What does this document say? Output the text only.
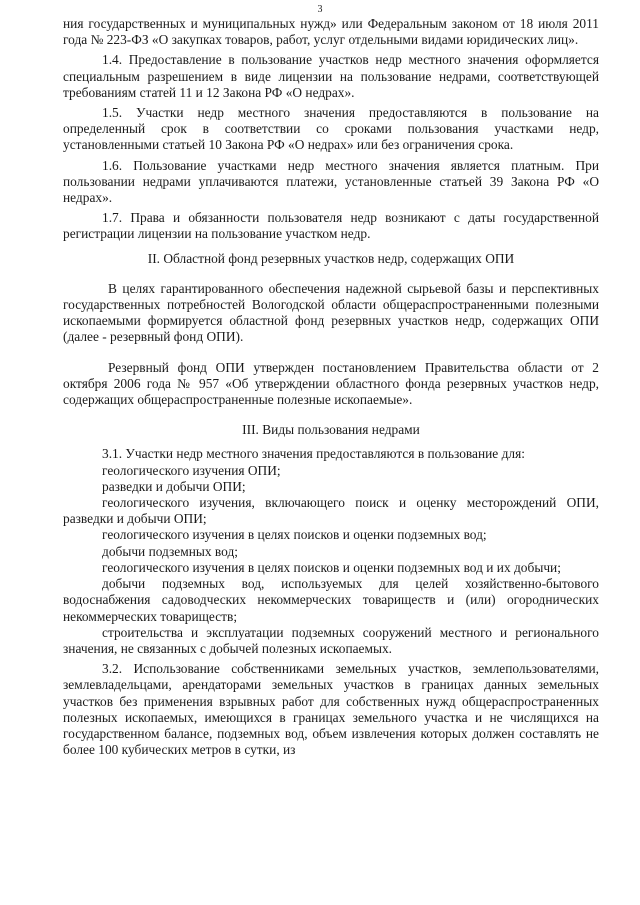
3

ния государственных и муниципальных нужд» или Федеральным законом от 18 июля 2011 года № 223-ФЗ «О закупках товаров, работ, услуг отдельными видами юридических лиц».

1.4. Предоставление в пользование участков недр местного значения оформляется специальным разрешением в виде лицензии на пользование недрами, соответствующей требованиям статей 11 и 12 Закона РФ «О недрах».

1.5. Участки недр местного значения предоставляются в пользование на определенный срок в соответствии со сроками пользования участками недр, установленными статьей 10 Закона РФ «О недрах» или без ограничения срока.

1.6. Пользование участками недр местного значения является платным. При пользовании недрами уплачиваются платежи, установленные статьей 39 Закона РФ «О недрах».

1.7. Права и обязанности пользователя недр возникают с даты государственной регистрации лицензии на пользование участком недр.

II. Областной фонд резервных участков недр, содержащих ОПИ

В целях гарантированного обеспечения надежной сырьевой базы и перспективных государственных потребностей Вологодской области общераспространенными полезными ископаемыми формируется областной фонд резервных участков недр, содержащих ОПИ (далее - резервный фонд ОПИ).

Резервный фонд ОПИ утвержден постановлением Правительства области от 2 октября 2006 года № 957 «Об утверждении областного фонда резервных участков недр, содержащих общераспространенные полезные ископаемые».

III. Виды пользования недрами

3.1. Участки недр местного значения предоставляются в пользование для:

геологического изучения ОПИ;

разведки и добычи ОПИ;

геологического изучения, включающего поиск и оценку месторождений ОПИ, разведки и добычи ОПИ;

геологического изучения в целях поисков и оценки подземных вод;

добычи подземных вод;

геологического изучения в целях поисков и оценки подземных вод и их добычи;

добычи подземных вод, используемых для целей хозяйственно-бытового водоснабжения садоводческих некоммерческих товариществ и (или) огороднических некоммерческих товариществ;

строительства и эксплуатации подземных сооружений местного и регионального значения, не связанных с добычей полезных ископаемых.

3.2. Использование собственниками земельных участков, землепользователями, землевладельцами, арендаторами земельных участков в границах данных земельных участков без применения взрывных работ для собственных нужд общераспространенных полезных ископаемых, имеющихся в границах земельного участка и не числящихся на государственном балансе, подземных вод, объем извлечения которых должен составлять не более 100 кубических метров в сутки, из
